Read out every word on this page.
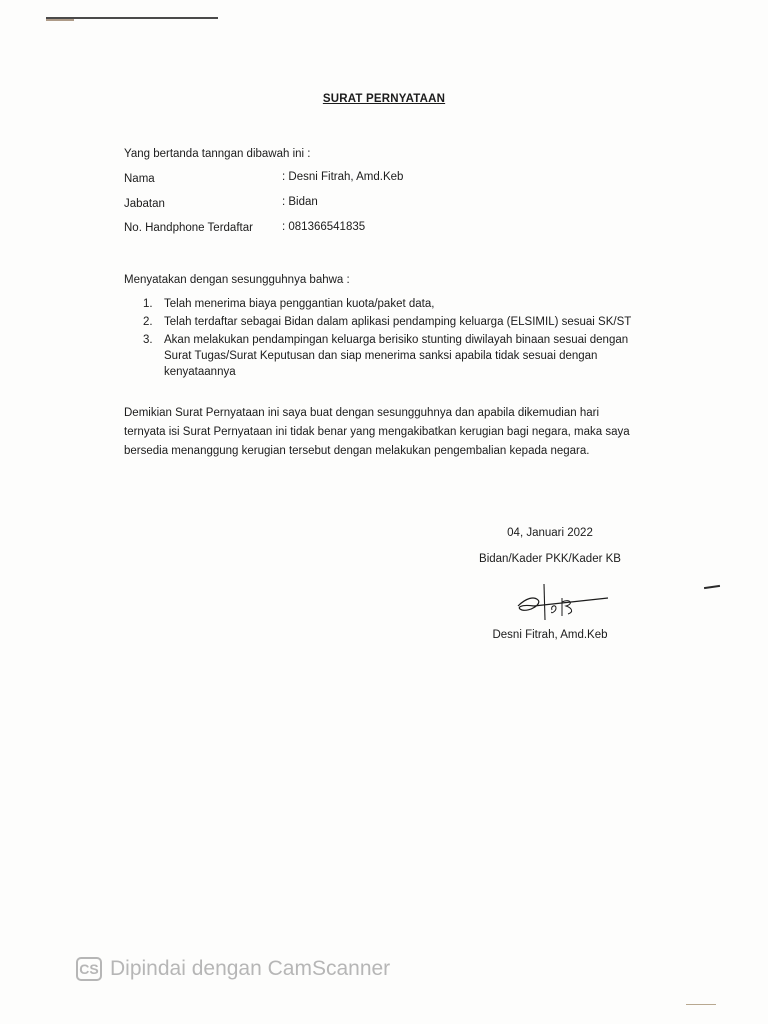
SURAT PERNYATAAN
Yang bertanda tanngan dibawah ini :
Nama	: Desni Fitrah, Amd.Keb
Jabatan	: Bidan
No. Handphone Terdaftar	: 081366541835
Menyatakan dengan sesungguhnya bahwa :
1. Telah menerima biaya penggantian kuota/paket data,
2. Telah terdaftar sebagai Bidan dalam aplikasi pendamping keluarga (ELSIMIL) sesuai SK/ST
3. Akan melakukan pendampingan keluarga berisiko stunting diwilayah binaan sesuai dengan Surat Tugas/Surat Keputusan dan siap menerima sanksi apabila tidak sesuai dengan kenyataannya
Demikian Surat Pernyataan ini saya buat dengan sesungguhnya dan apabila dikemudian hari ternyata isi Surat Pernyataan ini tidak benar yang mengakibatkan kerugian bagi negara, maka saya bersedia menanggung kerugian tersebut dengan melakukan pengembalian kepada negara.
04, Januari 2022
Bidan/Kader PKK/Kader KB
Desni Fitrah, Amd.Keb
CS Dipindai dengan CamScanner
